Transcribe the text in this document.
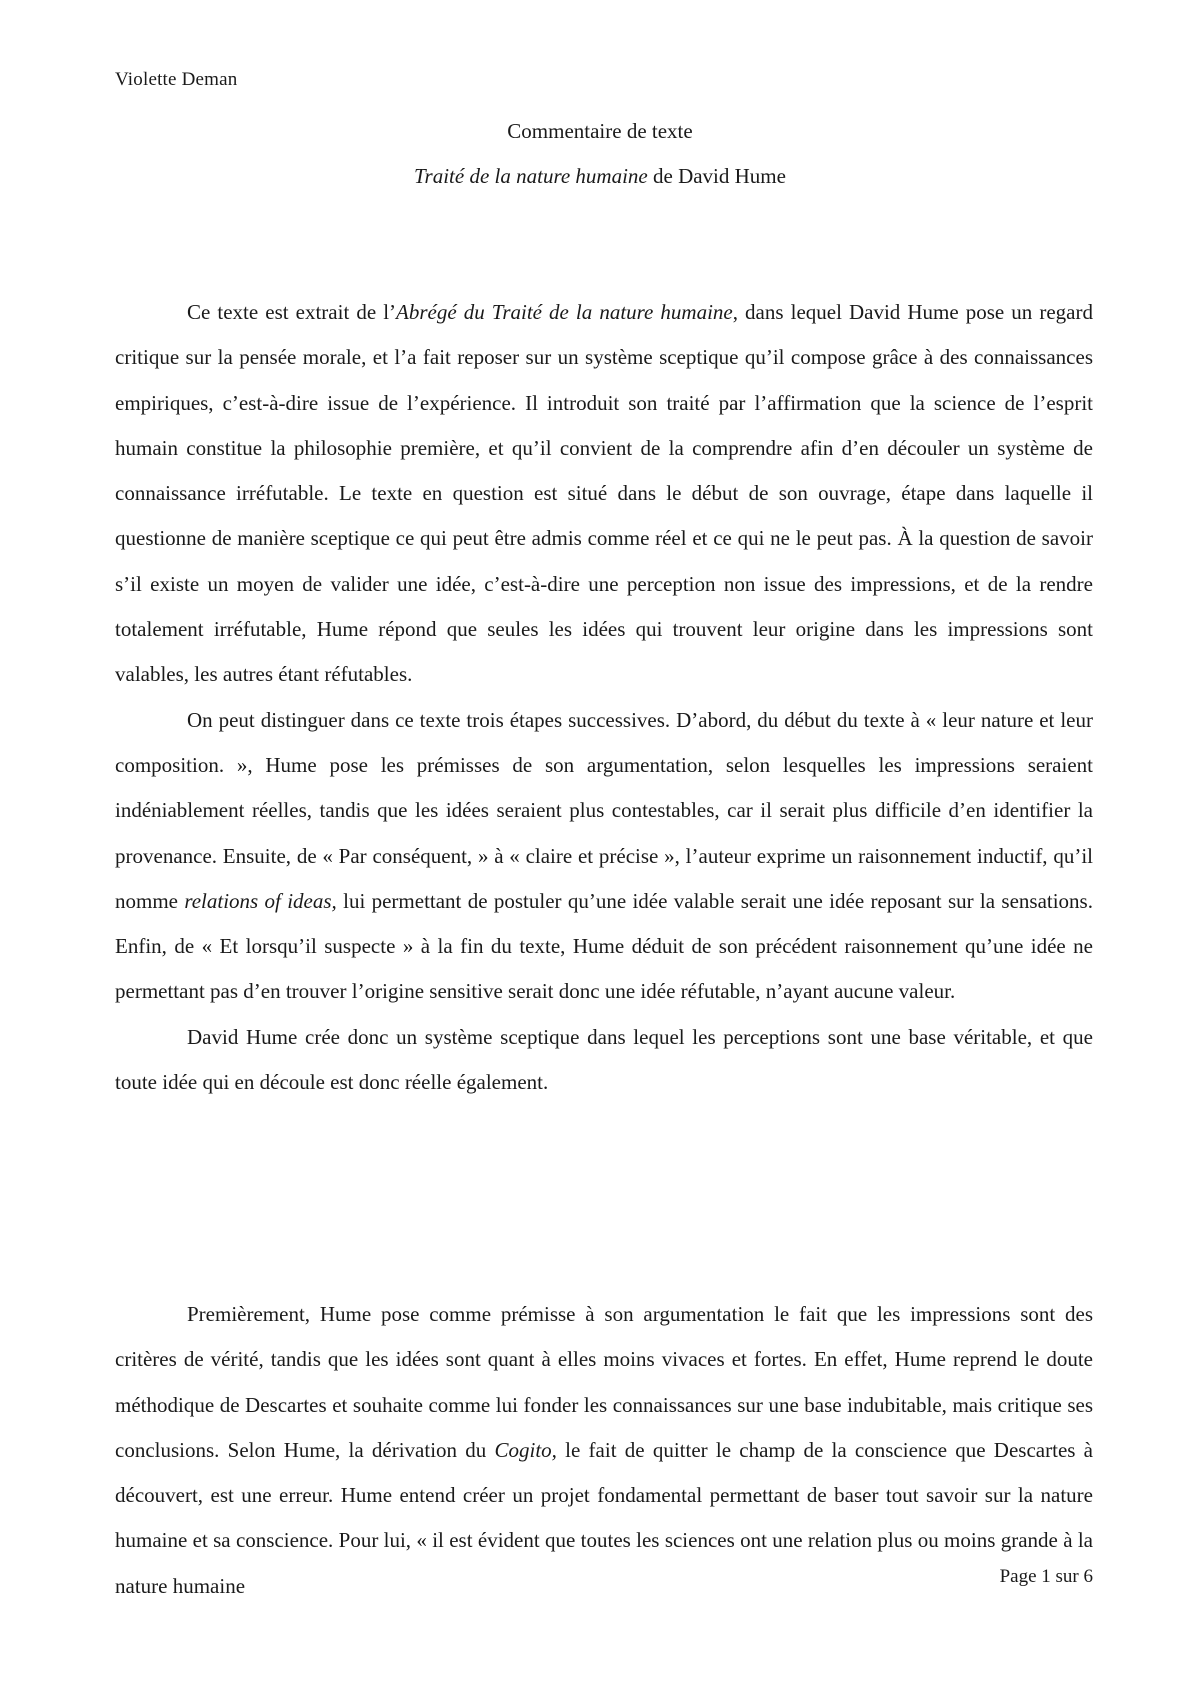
Violette Deman
Commentaire de texte
Traité de la nature humaine de David Hume

Ce texte est extrait de l’Abrégé du Traité de la nature humaine, dans lequel David Hume pose un regard critique sur la pensée morale, et l’a fait reposer sur un système sceptique qu’il compose grâce à des connaissances empiriques, c’est-à-dire issue de l’expérience. Il introduit son traité par l’affirmation que la science de l’esprit humain constitue la philosophie première, et qu’il convient de la comprendre afin d’en découler un système de connaissance irréfutable. Le texte en question est situé dans le début de son ouvrage, étape dans laquelle il questionne de manière sceptique ce qui peut être admis comme réel et ce qui ne le peut pas. À la question de savoir s’il existe un moyen de valider une idée, c’est-à-dire une perception non issue des impressions, et de la rendre totalement irréfutable, Hume répond que seules les idées qui trouvent leur origine dans les impressions sont valables, les autres étant réfutables.

On peut distinguer dans ce texte trois étapes successives. D’abord, du début du texte à « leur nature et leur composition. », Hume pose les prémisses de son argumentation, selon lesquelles les impressions seraient indéniablement réelles, tandis que les idées seraient plus contestables, car il serait plus difficile d’en identifier la provenance. Ensuite, de « Par conséquent, » à « claire et précise », l’auteur exprime un raisonnement inductif, qu’il nomme relations of ideas, lui permettant de postuler qu’une idée valable serait une idée reposant sur la sensations. Enfin, de « Et lorsqu’il suspecte » à la fin du texte, Hume déduit de son précédent raisonnement qu’une idée ne permettant pas d’en trouver l’origine sensitive serait donc une idée réfutable, n’ayant aucune valeur.

David Hume crée donc un système sceptique dans lequel les perceptions sont une base véritable, et que toute idée qui en découle est donc réelle également.

Premièrement, Hume pose comme prémisse à son argumentation le fait que les impressions sont des critères de vérité, tandis que les idées sont quant à elles moins vivaces et fortes. En effet, Hume reprend le doute méthodique de Descartes et souhaite comme lui fonder les connaissances sur une base indubitable, mais critique ses conclusions. Selon Hume, la dérivation du Cogito, le fait de quitter le champ de la conscience que Descartes à découvert, est une erreur. Hume entend créer un projet fondamental permettant de baser tout savoir sur la nature humaine et sa conscience. Pour lui, « il est évident que toutes les sciences ont une relation plus ou moins grande à la nature humaine	Page 1 sur 6
